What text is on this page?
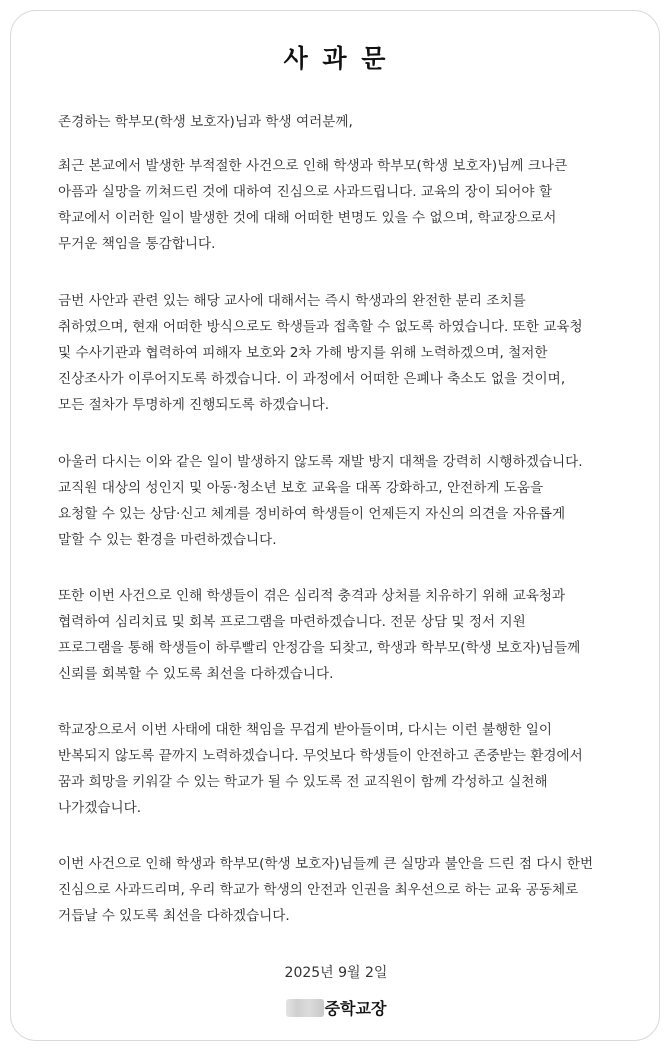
사 과 문

존경하는 학부모(학생 보호자)님과 학생 여러분께,

최근 본교에서 발생한 부적절한 사건으로 인해 학생과 학부모(학생 보호자)님께 크나큰
아픔과 실망을 끼쳐드린 것에 대하여 진심으로 사과드립니다. 교육의 장이 되어야 할
학교에서 이러한 일이 발생한 것에 대해 어떠한 변명도 있을 수 없으며, 학교장으로서
무거운 책임을 통감합니다.
금번 사안과 관련 있는 해당 교사에 대해서는 즉시 학생과의 완전한 분리 조치를
취하였으며, 현재 어떠한 방식으로도 학생들과 접촉할 수 없도록 하였습니다. 또한 교육청
및 수사기관과 협력하여 피해자 보호와 2차 가해 방지를 위해 노력하겠으며, 철저한
진상조사가 이루어지도록 하겠습니다. 이 과정에서 어떠한 은폐나 축소도 없을 것이며,
모든 절차가 투명하게 진행되도록 하겠습니다.
아울러 다시는 이와 같은 일이 발생하지 않도록 재발 방지 대책을 강력히 시행하겠습니다.
교직원 대상의 성인지 및 아동·청소년 보호 교육을 대폭 강화하고, 안전하게 도움을
요청할 수 있는 상담·신고 체계를 정비하여 학생들이 언제든지 자신의 의견을 자유롭게
말할 수 있는 환경을 마련하겠습니다.
또한 이번 사건으로 인해 학생들이 겪은 심리적 충격과 상처를 치유하기 위해 교육청과
협력하여 심리치료 및 회복 프로그램을 마련하겠습니다. 전문 상담 및 정서 지원
프로그램을 통해 학생들이 하루빨리 안정감을 되찾고, 학생과 학부모(학생 보호자)님들께
신뢰를 회복할 수 있도록 최선을 다하겠습니다.
학교장으로서 이번 사태에 대한 책임을 무겁게 받아들이며, 다시는 이런 불행한 일이
반복되지 않도록 끝까지 노력하겠습니다. 무엇보다 학생들이 안전하고 존중받는 환경에서
꿈과 희망을 키워갈 수 있는 학교가 될 수 있도록 전 교직원이 함께 각성하고 실천해
나가겠습니다.
이번 사건으로 인해 학생과 학부모(학생 보호자)님들께 큰 실망과 불안을 드린 점 다시 한번
진심으로 사과드리며, 우리 학교가 학생의 안전과 인권을 최우선으로 하는 교육 공동체로
거듭날 수 있도록 최선을 다하겠습니다.

2025년 9월 2일

중학교장
